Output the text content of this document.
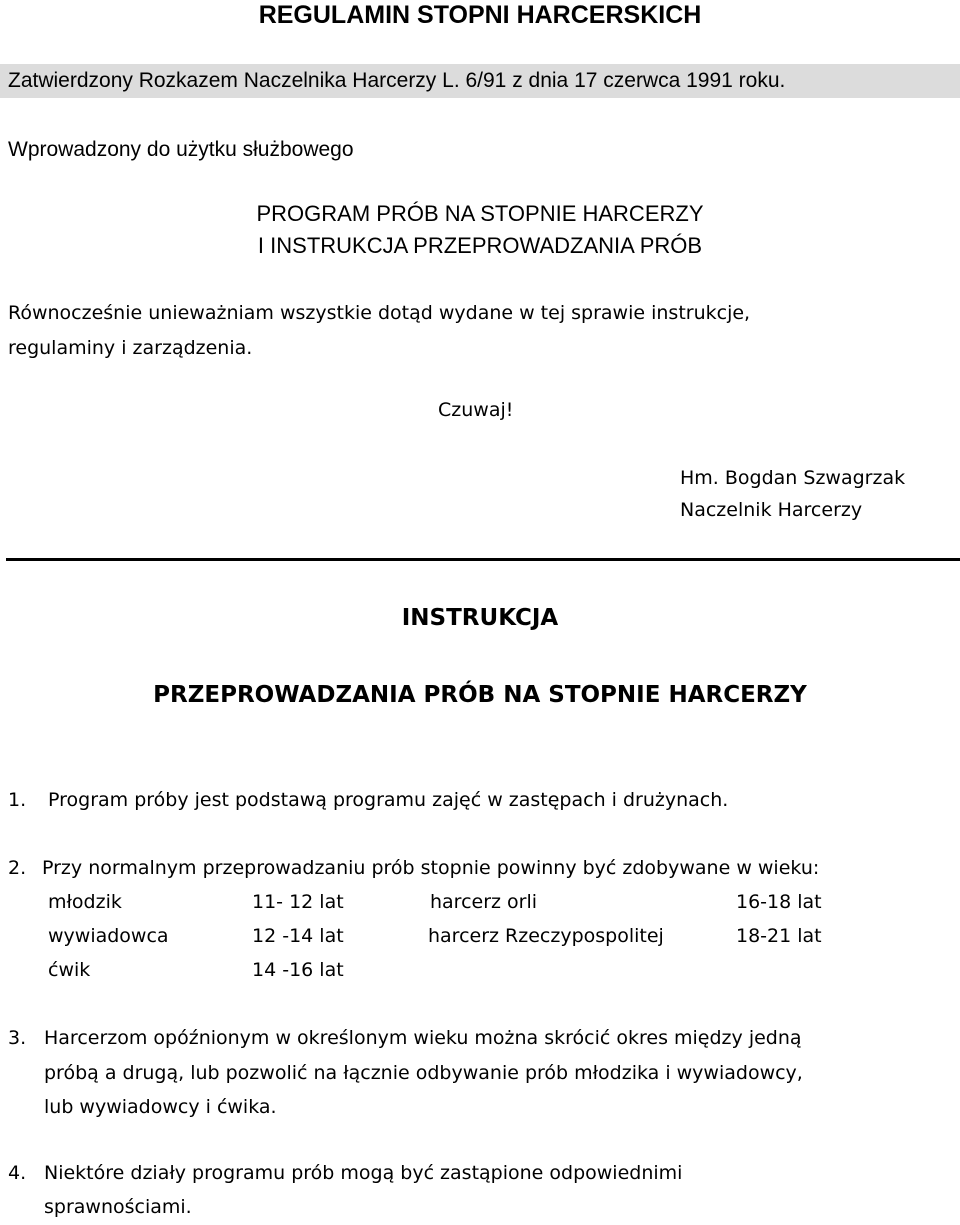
REGULAMIN STOPNI HARCERSKICH
Zatwierdzony Rozkazem Naczelnika Harcerzy L. 6/91 z dnia 17 czerwca 1991 roku.
Wprowadzony do użytku służbowego
PROGRAM PRÓB NA STOPNIE HARCERZY
I INSTRUKCJA PRZEPROWADZANIA PRÓB
Równocześnie unieważniam wszystkie dotąd wydane w tej sprawie instrukcje,
regulaminy i zarządzenia.
Czuwaj!
Hm. Bogdan Szwagrzak
Naczelnik Harcerzy
INSTRUKCJA
PRZEPROWADZANIA PRÓB NA STOPNIE HARCERZY
1. Program próby jest podstawą programu zajęć w zastępach i drużynach.
2. Przy normalnym przeprowadzaniu prób stopnie powinny być zdobywane w wieku:
młodzik	11- 12 lat	harcerz orli	16-18 lat
wywiadowca	12 -14 lat	harcerz Rzeczypospolitej	18-21 lat
ćwik	14 -16 lat
3. Harcerzom opóźnionym w określonym wieku można skrócić okres między jedną
próbą a drugą, lub pozwolić na łącznie odbywanie prób młodzika i wywiadowcy,
lub wywiadowcy i ćwika.
4. Niektóre działy programu prób mogą być zastąpione odpowiednimi
sprawnościami.
